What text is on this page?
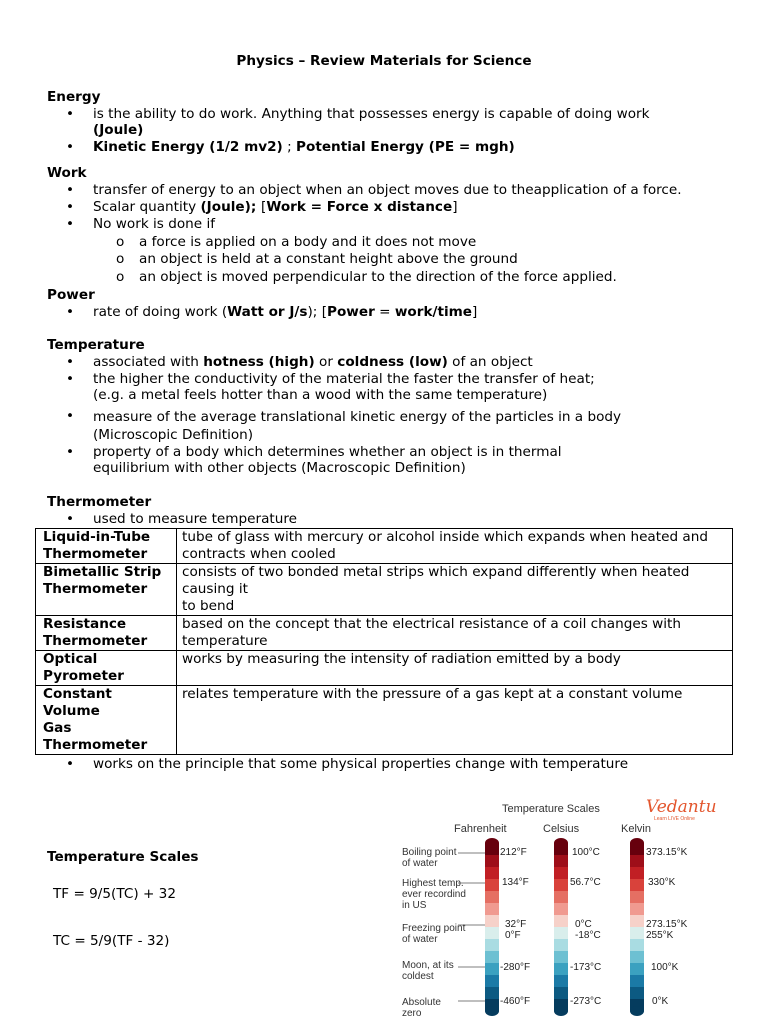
Physics – Review Materials for Science
Energy
• is the ability to do work. Anything that possesses energy is capable of doing work
(Joule)
• Kinetic Energy (1/2 mv2) ; Potential Energy (PE = mgh)
Work
• transfer of energy to an object when an object moves due to theapplication of a force.
• Scalar quantity (Joule); [Work = Force x distance]
• No work is done if
o a force is applied on a body and it does not move
o an object is held at a constant height above the ground
o an object is moved perpendicular to the direction of the force applied.
Power
• rate of doing work (Watt or J/s); [Power = work/time]
Temperature
• associated with hotness (high) or coldness (low) of an object
• the higher the conductivity of the material the faster the transfer of heat;
(e.g. a metal feels hotter than a wood with the same temperature)
• measure of the average translational kinetic energy of the particles in a body
(Microscopic Definition)
• property of a body which determines whether an object is in thermal
equilibrium with other objects (Macroscopic Definition)
Thermometer
• used to measure temperature
Liquid-in-Tube
Thermometer	tube of glass with mercury or alcohol inside which expands when heated and
contracts when cooled
Bimetallic Strip
Thermometer	consists of two bonded metal strips which expand differently when heated
causing it
to bend
Resistance
Thermometer	based on the concept that the electrical resistance of a coil changes with
temperature
Optical
Pyrometer	works by measuring the intensity of radiation emitted by a body
Constant
Volume
Gas
Thermometer	relates temperature with the pressure of a gas kept at a constant volume
• works on the principle that some physical properties change with temperature
Temperature Scales
TF = 9/5(TC) + 32
TC = 5/9(TF - 32)
Temperature Scales	Vedantu
Learn LIVE Online
Fahrenheit	Celsius	Kelvin
Boiling point
of water
Highest temp.
ever recordind
in US
Freezing point
of water
Moon, at its
coldest
Absolute
zero
212°F
134°F
32°F
0°F
-280°F
-460°F
100°C
56.7°C
0°C
-18°C
-173°C
-273°C
373.15°K
330°K
273.15°K
255°K
100°K
0°K
